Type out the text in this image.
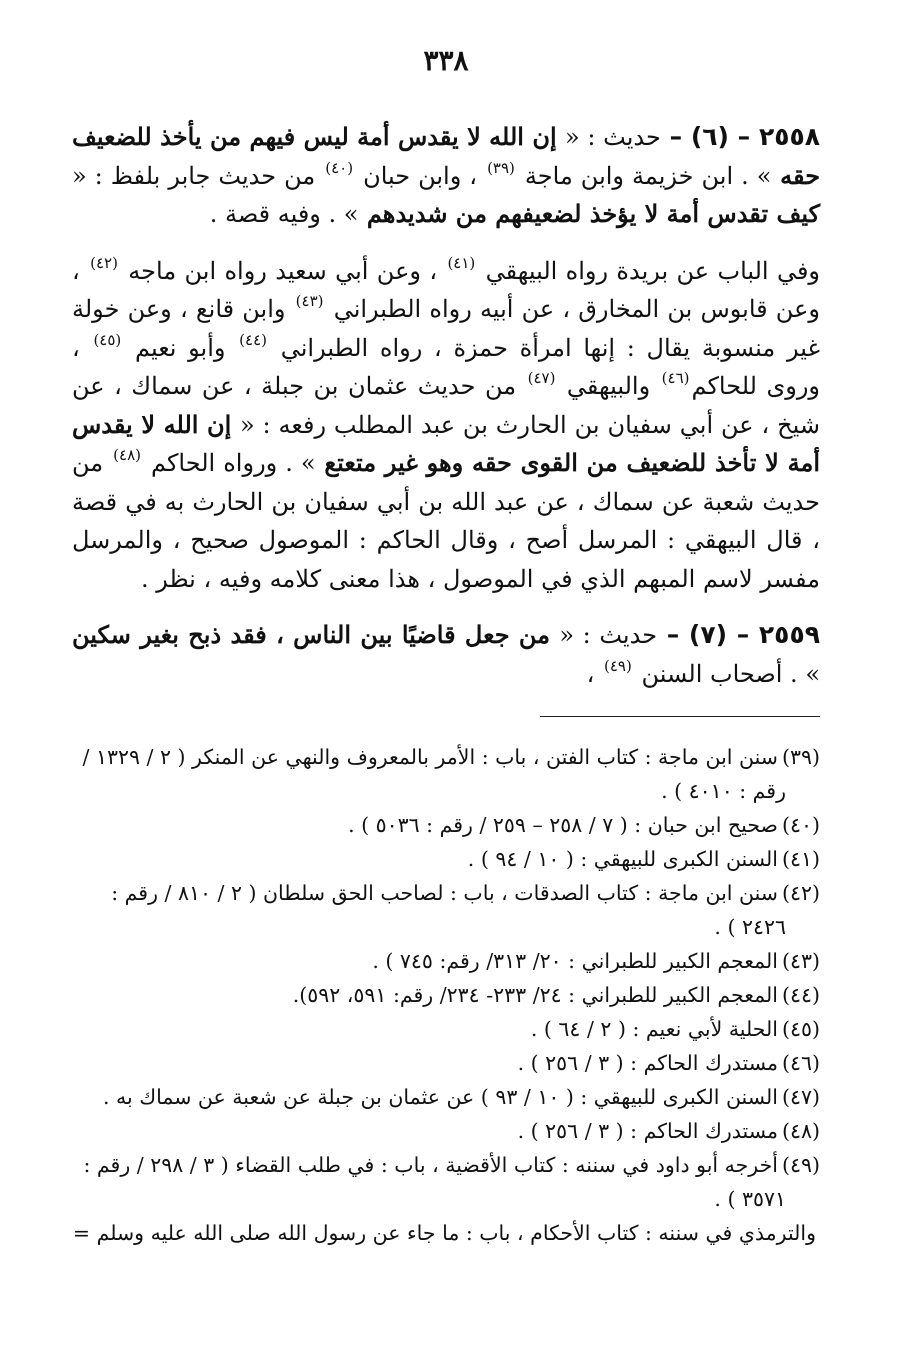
٣٣٨

٢٥٥٨ – (٦) – حديث : « إن الله لا يقدس أمة ليس فيهم من يأخذ للضعيف حقه » . ابن خزيمة وابن ماجة $^{(٣٩)}$ ، وابن حبان $^{(٤٠)}$ من حديث جابر بلفظ : « كيف تقدس أمة لا يؤخذ لضعيفهم من شديدهم » . وفيه قصة .

وفي الباب عن بريدة رواه البيهقي $^{(٤١)}$ ، وعن أبي سعيد رواه ابن ماجه $^{(٤٢)}$ ، وعن قابوس بن المخارق ، عن أبيه رواه الطبراني $^{(٤٣)}$ وابن قانع ، وعن خولة غير منسوبة يقال : إنها امرأة حمزة ، رواه الطبراني $^{(٤٤)}$ وأبو نعيم $^{(٤٥)}$ ، وروى للحاكم$^{(٤٦)}$ والبيهقي $^{(٤٧)}$ من حديث عثمان بن جبلة ، عن سماك ، عن شيخ ، عن أبي سفيان بن الحارث بن عبد المطلب رفعه : « إن الله لا يقدس أمة لا تأخذ للضعيف من القوى حقه وهو غير متعتع » . ورواه الحاكم $^{(٤٨)}$ من حديث شعبة عن سماك ، عن عبد الله بن أبي سفيان بن الحارث به في قصة ، قال البيهقي : المرسل أصح ، وقال الحاكم : الموصول صحيح ، والمرسل مفسر لاسم المبهم الذي في الموصول ، هذا معنى كلامه وفيه ، نظر .

٢٥٥٩ – (٧) – حديث : « من جعل قاضيًا بين الناس ، فقد ذبح بغير سكين » . أصحاب السنن $^{(٤٩)}$ ،

(٣٩)سنن ابن ماجة : كتاب الفتن ، باب : الأمر بالمعروف والنهي عن المنكر ( ٢ / ١٣٢٩ /
رقم : ٤٠١٠ ) .

(٤٠)صحيح ابن حبان : ( ٧ / ٢٥٨ – ٢٥٩ / رقم : ٥٠٣٦ ) .

(٤١)السنن الكبرى للبيهقي : ( ١٠ / ٩٤ ) .

(٤٢)سنن ابن ماجة : كتاب الصدقات ، باب : لصاحب الحق سلطان ( ٢ / ٨١٠ / رقم :
٢٤٢٦ ) .

(٤٣)المعجم الكبير للطبراني : ٢٠/ ٣١٣/ رقم: ٧٤٥ ) .

(٤٤)المعجم الكبير للطبراني : ٢٤/ ٢٣٣- ٢٣٤/ رقم: ٥٩١، ٥٩٢).

(٤٥)الحلية لأبي نعيم : ( ٢ / ٦٤ ) .

(٤٦)مستدرك الحاكم : ( ٣ / ٢٥٦ ) .

(٤٧)السنن الكبرى للبيهقي : ( ١٠ / ٩٣ ) عن عثمان بن جبلة عن شعبة عن سماك به .

(٤٨)مستدرك الحاكم : ( ٣ / ٢٥٦ ) .

(٤٩)أخرجه أبو داود في سننه : كتاب الأقضية ، باب : في طلب القضاء ( ٣ / ٢٩٨ / رقم :
٣٥٧١ ) .

والترمذي في سننه : كتاب الأحكام ، باب : ما جاء عن رسول الله صلى الله عليه وسلم =
